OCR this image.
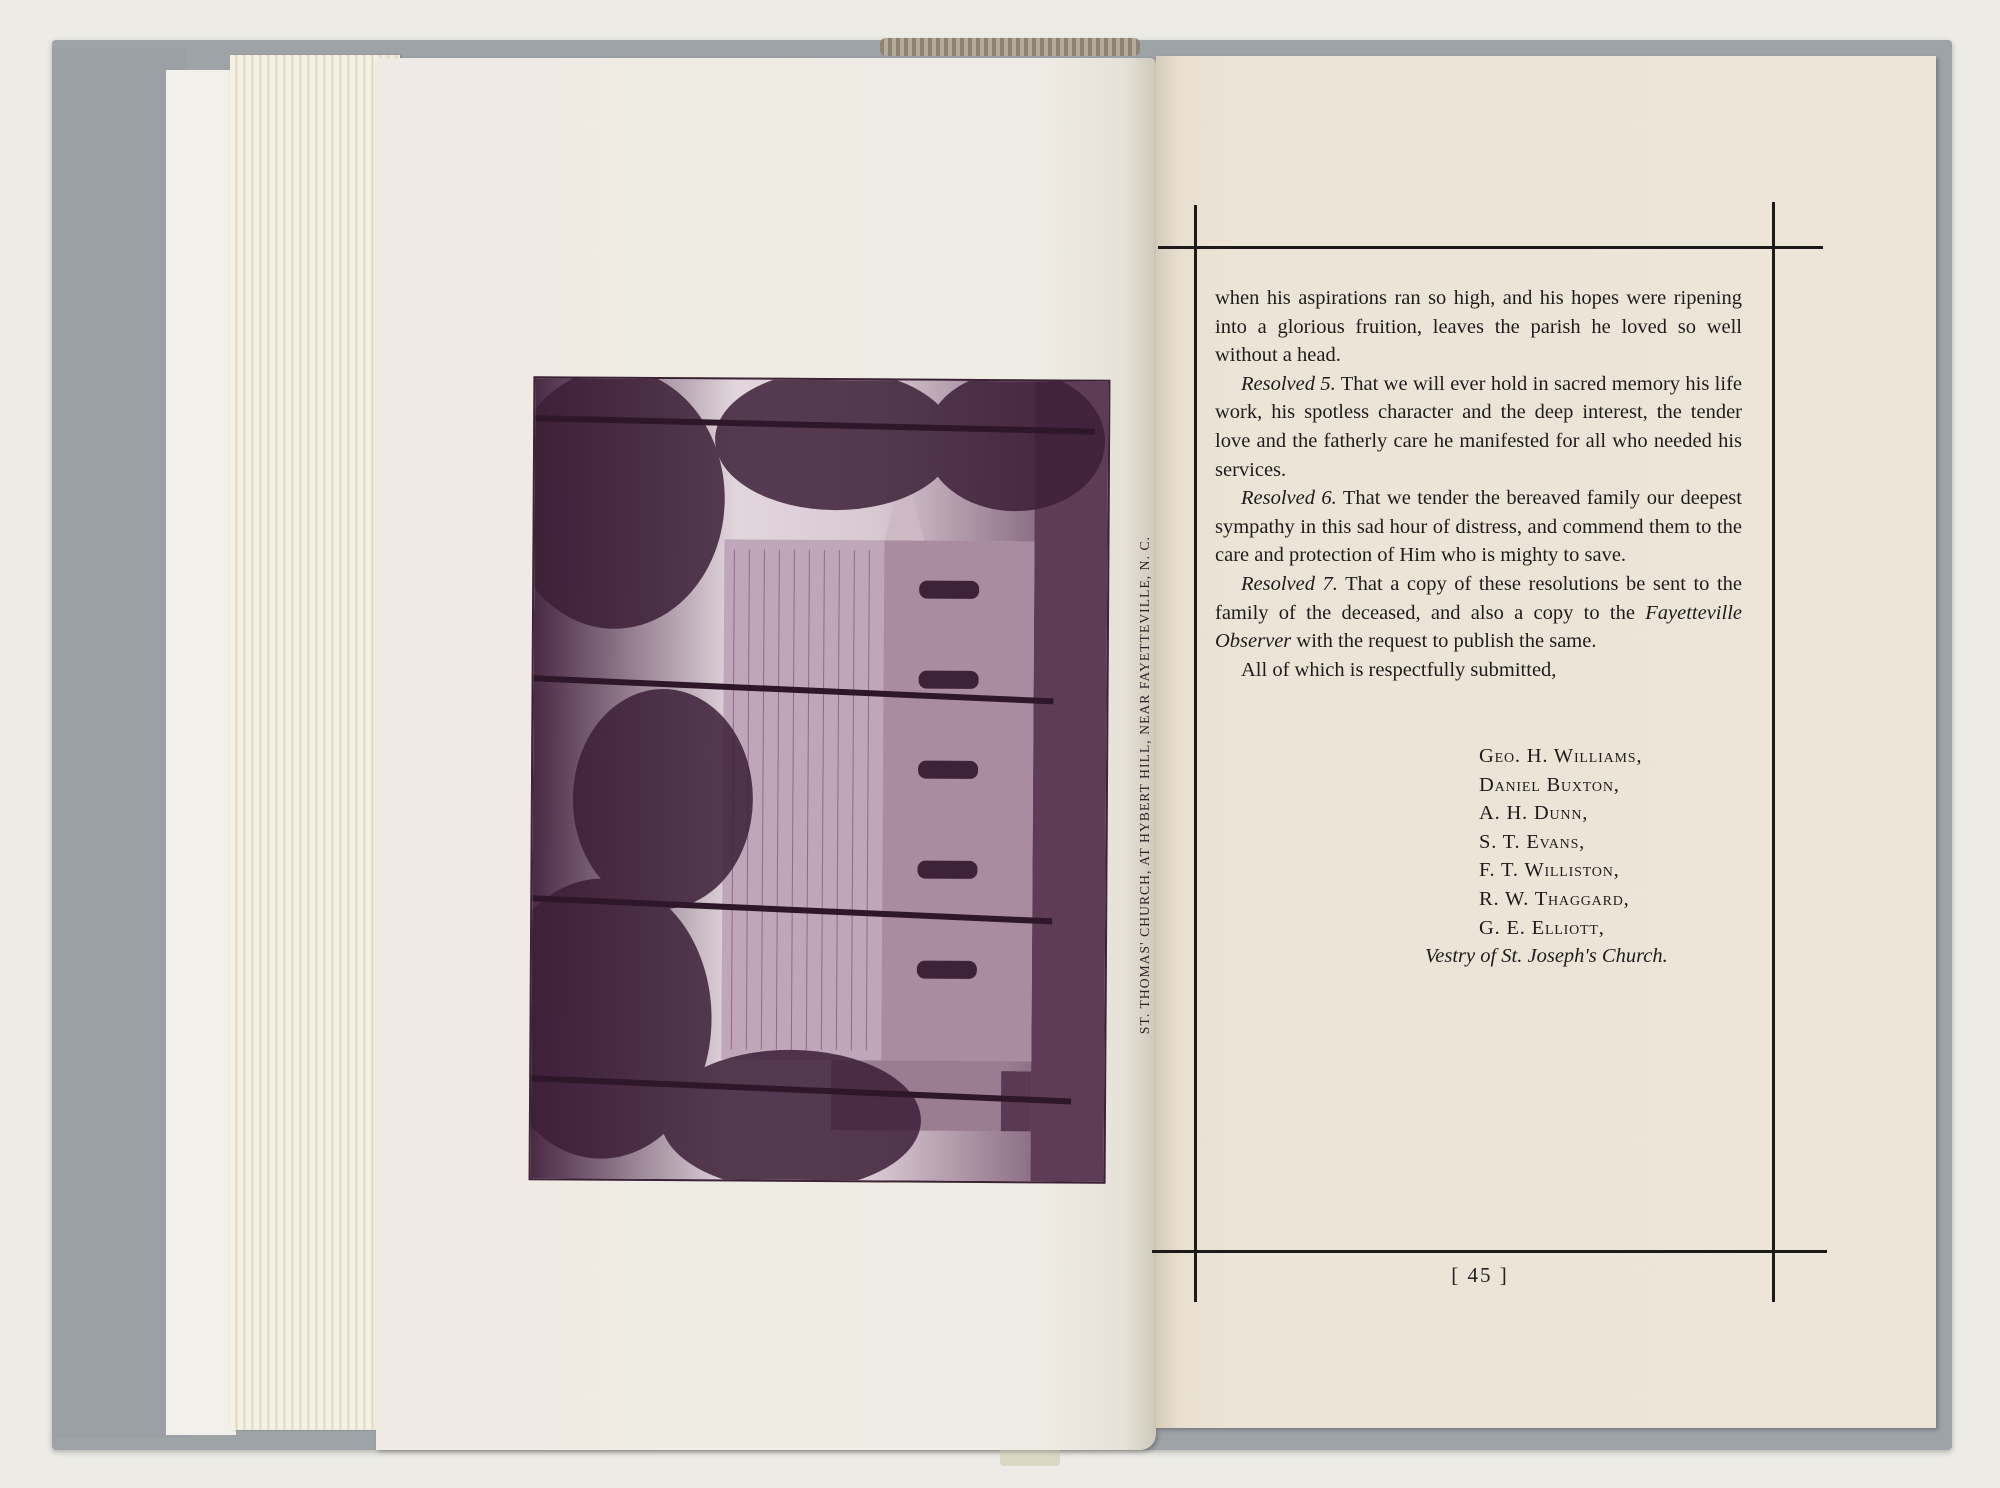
ST. THOMAS' CHURCH, AT HYBERT HILL, NEAR FAYETTEVILLE, N. C.

when his aspirations ran so high, and his hopes were ripening into a glorious fruition, leaves the parish he loved so well without a head.

Resolved 5. That we will ever hold in sacred memory his life work, his spotless character and the deep interest, the tender love and the fatherly care he manifested for all who needed his services.

Resolved 6. That we tender the bereaved family our deepest sympathy in this sad hour of distress, and commend them to the care and protection of Him who is mighty to save.

Resolved 7. That a copy of these resolutions be sent to the family of the deceased, and also a copy to the Fayetteville Observer with the request to publish the same.

All of which is respectfully submitted,

Geo. H. Williams,
Daniel Buxton,
A. H. Dunn,
S. T. Evans,
F. T. Williston,
R. W. Thaggard,
G. E. Elliott,
Vestry of St. Joseph's Church.
[ 45 ]
